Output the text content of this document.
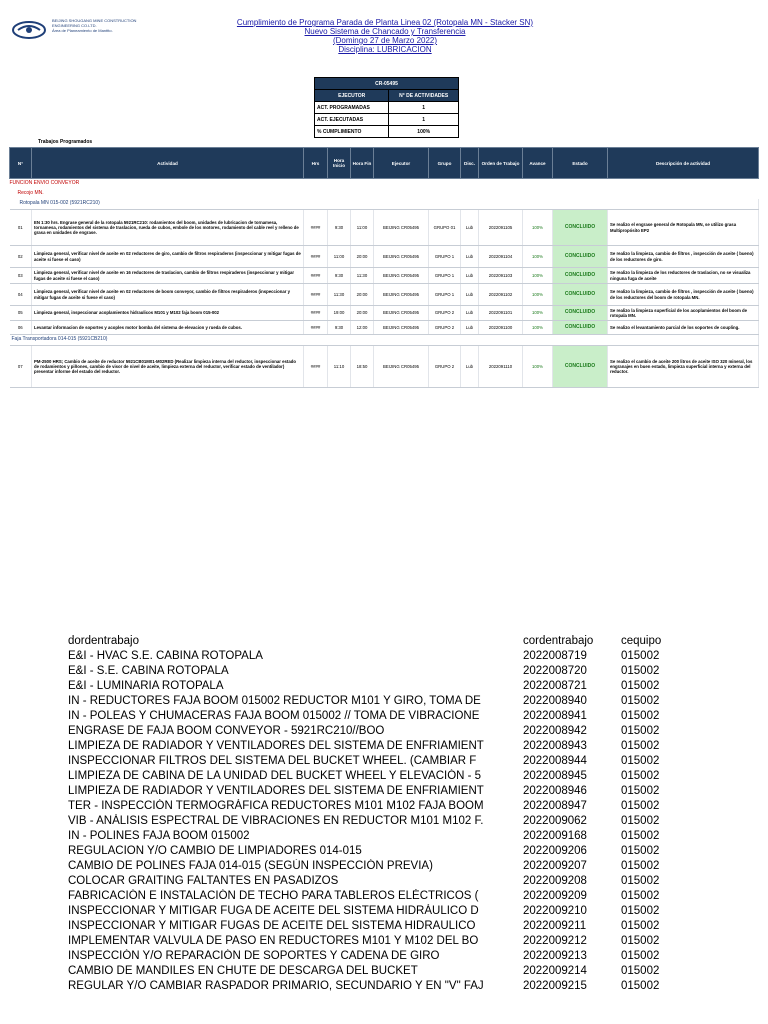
BEIJING SHOUGANG MINE CONSTRUCTION
ENGINEERING CO.LTD.
Área de Planeamiento de Manttto.
Cumplimiento de Programa Parada de Planta Linea 02 (Rotopala MN - Stacker SN)
Nuevo Sistema de Chancado y Transferencia
(Domingo 27 de Marzo 2022)
Disciplina: LUBRICACION
CR-05495	
EJECUTOR	N° DE ACTIVIDADES
ACT. PROGRAMADAS	1
ACT. EJECUTADAS	1
% CUMPLIMIENTO	100%
Trabajos Programados
N°	Actividad	Hrs	Hora Inicio	Hora Fin	Ejecutor	Grupo	Disc.	Orden de Trabajo	Avance	Estado	Descripción de actividad
FUNCION ENVIO CONVEYOR											
Recojo MN.											
Rotopala MN 015-002 (5921RC210)											
01	EN 1:30 hrs. Engrase general de la rotopala 5921RC210: rodamientos del boom, unidades de lubricacion de tornamesa, tornamesa, rodamientos del sistema de traslacion, rueda de cubos, embole de los motores, rodamiento del cable reel y relleno de grasa en unidades de engrase.	####	9:30	11:00	BEIJING CR05495	GRUPO 01	Lub	2022091105	100%	CONCLUIDO	Se realizo el engrase general de Rotopala MN, se utilizo grasa Multipropósito EP2
02	Limpieza general, verificar nivel de aceite en 02 reductores de giro, cambio de filtros respiraderos (inspeccionar y mitigar fugas de aceite si fuese el caso)	####	11:00	20:00	BEIJING CR05495	GRUPO 1	Lub	2022091104	100%	CONCLUIDO	Se realizo la limpieza, cambio de filtros , inspección de aceite ( bueno) de los reductores de giro.
03	Limpieza general, verificar nivel de aceite en 16 reductores de traslacion, cambio de filtros respiraderos (inspeccionar y mitigar fugas de aceite si fuese el caso)	####	9:30	11:30	BEIJING CR05495	GRUPO 1	Lub	2022091103	100%	CONCLUIDO	Se realizo la limpieza de los reductores de traslacion, no se visualiza ninguna fuga de aceite
04	Limpieza general, verificar nivel de aceite en 02 reductores de boom conveyor, cambio de filtros respiraderos (inspeccionar y mitigar fugas de aceite si fuese el caso)	####	11:30	20:00	BEIJING CR05495	GRUPO 1	Lub	2022091102	100%	CONCLUIDO	Se realizo la limpieza, cambio de filtros , inspección de aceite ( bueno) de los reductores del boom de rotopala MN.
05	Limpieza general, inspeccionar acoplamientos hidraulicos M101 y M102 faja boom 015-002	####	19:00	20:00	BEIJING CR05495	GRUPO 2	Lub	2022091101	100%	CONCLUIDO	Se realizo la limpieza superficial de los acoplamientos del boom de rotopala MN.
06	Levantar informacion de soportes y acoples motor bomba del sistema de elevacion y rueda de cubos.	####	9:30	12:00	BEIJING CR05495	GRUPO 2	Lub	2022091100	100%	CONCLUIDO	Se realizo el levantamiento parcial de los soportes de coupling.
Faja Transportadora 014-015 (5921CB210)											
07	PM-2500 HRS; Cambio de aceite de reductor 5921CB01M01-M02RED (Realizar limpieza interna del reductor, inspeccionar estado de rodamientos y piñones, cambio de visor de nivel de aceite, limpieza externa del reductor, verificar estado de ventilador) presentar informe del estado del reductor.	####	11:10	18:50	BEIJING CR05495	GRUPO 2	Lub	2022091110	100%	CONCLUIDO	Se realizo el cambio de aceite 200 litros de aceite ISO 320 mineral, los engranajes en buen estado, limpieza superficial interna y externa del reductor.
dordentrabajo	cordentrabajo	cequipo
E&I - HVAC S.E. CABINA ROTOPALA	2022008719	015002
E&I - S.E. CABINA ROTOPALA	2022008720	015002
E&I - LUMINARIA ROTOPALA	2022008721	015002
IN - REDUCTORES FAJA BOOM 015002 REDUCTOR M101 Y GIRO, TOMA DE	2022008940	015002
IN - POLEAS Y CHUMACERAS FAJA BOOM 015002 // TOMA DE VIBRACIONE	2022008941	015002
ENGRASE DE FAJA BOOM CONVEYOR - 5921RC210//BOO	2022008942	015002
LIMPIEZA DE RADIADOR Y VENTILADORES DEL SISTEMA DE ENFRIAMIENT	2022008943	015002
INSPECCIONAR FILTROS DEL SISTEMA DEL BUCKET WHEEL. (CAMBIAR F	2022008944	015002
LIMPIEZA DE CABINA DE LA UNIDAD DEL BUCKET WHEEL Y ELEVACIÓN - 5	2022008945	015002
LIMPIEZA DE RADIADOR Y VENTILADORES DEL SISTEMA DE ENFRIAMIENT	2022008946	015002
TER - INSPECCIÓN TERMOGRÁFICA REDUCTORES M101 M102 FAJA BOOM	2022008947	015002
VIB - ANÁLISIS ESPECTRAL DE VIBRACIONES EN REDUCTOR M101 M102 F.	2022009062	015002
IN - POLINES FAJA BOOM 015002	2022009168	015002
REGULACION Y/O CAMBIO DE LIMPIADORES 014-015	2022009206	015002
CAMBIO DE POLINES FAJA 014-015 (SEGÚN INSPECCIÓN PREVIA)	2022009207	015002
COLOCAR GRAITING FALTANTES EN PASADIZOS	2022009208	015002
FABRICACIÓN E INSTALACIÓN DE TECHO PARA TABLEROS ELÉCTRICOS (	2022009209	015002
INSPECCIONAR Y MITIGAR FUGA DE ACEITE DEL SISTEMA HIDRÁULICO D	2022009210	015002
INSPECCIONAR Y MITIGAR FUGAS DE ACEITE DEL SISTEMA HIDRAULICO	2022009211	015002
IMPLEMENTAR VALVULA DE PASO EN REDUCTORES M101 Y M102 DEL BO	2022009212	015002
INSPECCIÓN Y/O REPARACIÓN DE SOPORTES Y CADENA DE GIRO	2022009213	015002
CAMBIO DE MANDILES EN CHUTE DE DESCARGA DEL BUCKET	2022009214	015002
REGULAR Y/O CAMBIAR RASPADOR PRIMARIO, SECUNDARIO Y EN "V" FAJ	2022009215	015002
